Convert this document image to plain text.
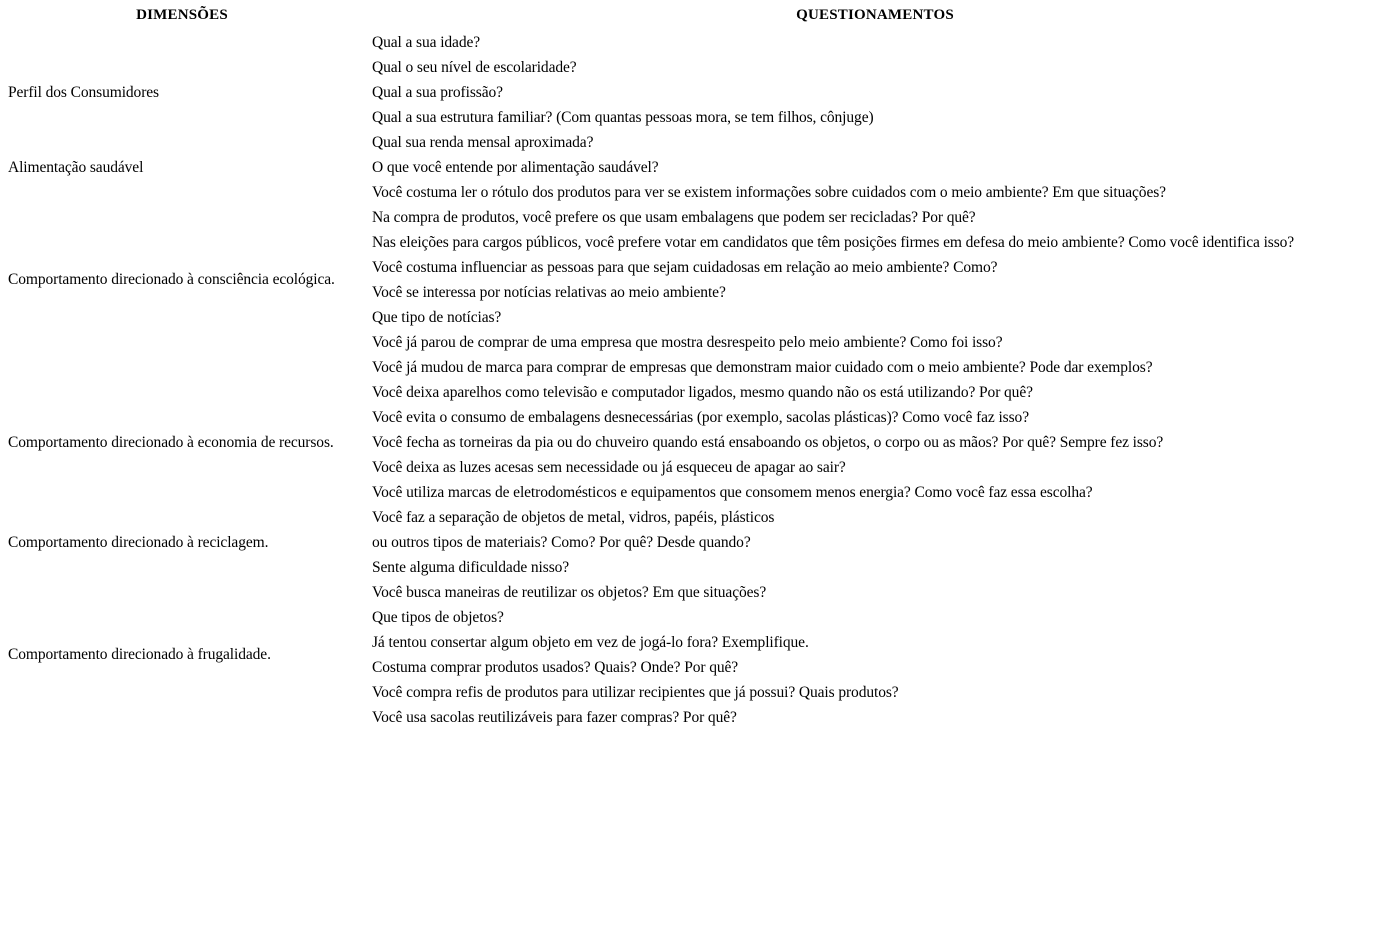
DIMENSÕES	QUESTIONAMENTOS
Perfil dos Consumidores	Qual a sua idade?
	Qual o seu nível de escolaridade?
	Qual a sua profissão?
	Qual a sua estrutura familiar? (Com quantas pessoas mora, se tem filhos, cônjuge)
	Qual sua renda mensal aproximada?
Alimentação saudável	O que você entende por alimentação saudável?
Comportamento direcionado à consciência ecológica.	Você costuma ler o rótulo dos produtos para ver se existem informações sobre cuidados com o meio ambiente? Em que situações?
	Na compra de produtos, você prefere os que usam embalagens que podem ser recicladas? Por quê?
	Nas eleições para cargos públicos, você prefere votar em candidatos que têm posições firmes em defesa do meio ambiente? Como você identifica isso?
	Você costuma influenciar as pessoas para que sejam cuidadosas em relação ao meio ambiente? Como?
	Você se interessa por notícias relativas ao meio ambiente?
	Que tipo de notícias?
	Você já parou de comprar de uma empresa que mostra desrespeito pelo meio ambiente? Como foi isso?
	Você já mudou de marca para comprar de empresas que demonstram maior cuidado com o meio ambiente? Pode dar exemplos?
Comportamento direcionado à economia de recursos.	Você deixa aparelhos como televisão e computador ligados, mesmo quando não os está utilizando? Por quê?
	Você evita o consumo de embalagens desnecessárias (por exemplo, sacolas plásticas)? Como você faz isso?
	Você fecha as torneiras da pia ou do chuveiro quando está ensaboando os objetos, o corpo ou as mãos? Por quê? Sempre fez isso?
	Você deixa as luzes acesas sem necessidade ou já esqueceu de apagar ao sair?
	Você utiliza marcas de eletrodomésticos e equipamentos que consomem menos energia? Como você faz essa escolha?
Comportamento direcionado à reciclagem.	Você faz a separação de objetos de metal, vidros, papéis, plásticos
	ou outros tipos de materiais? Como? Por quê? Desde quando?
	Sente alguma dificuldade nisso?
Comportamento direcionado à frugalidade.	Você busca maneiras de reutilizar os objetos? Em que situações?
	Que tipos de objetos?
	Já tentou consertar algum objeto em vez de jogá-lo fora? Exemplifique.
	Costuma comprar produtos usados? Quais? Onde? Por quê?
	Você compra refis de produtos para utilizar recipientes que já possui? Quais produtos?
	Você usa sacolas reutilizáveis para fazer compras? Por quê?
